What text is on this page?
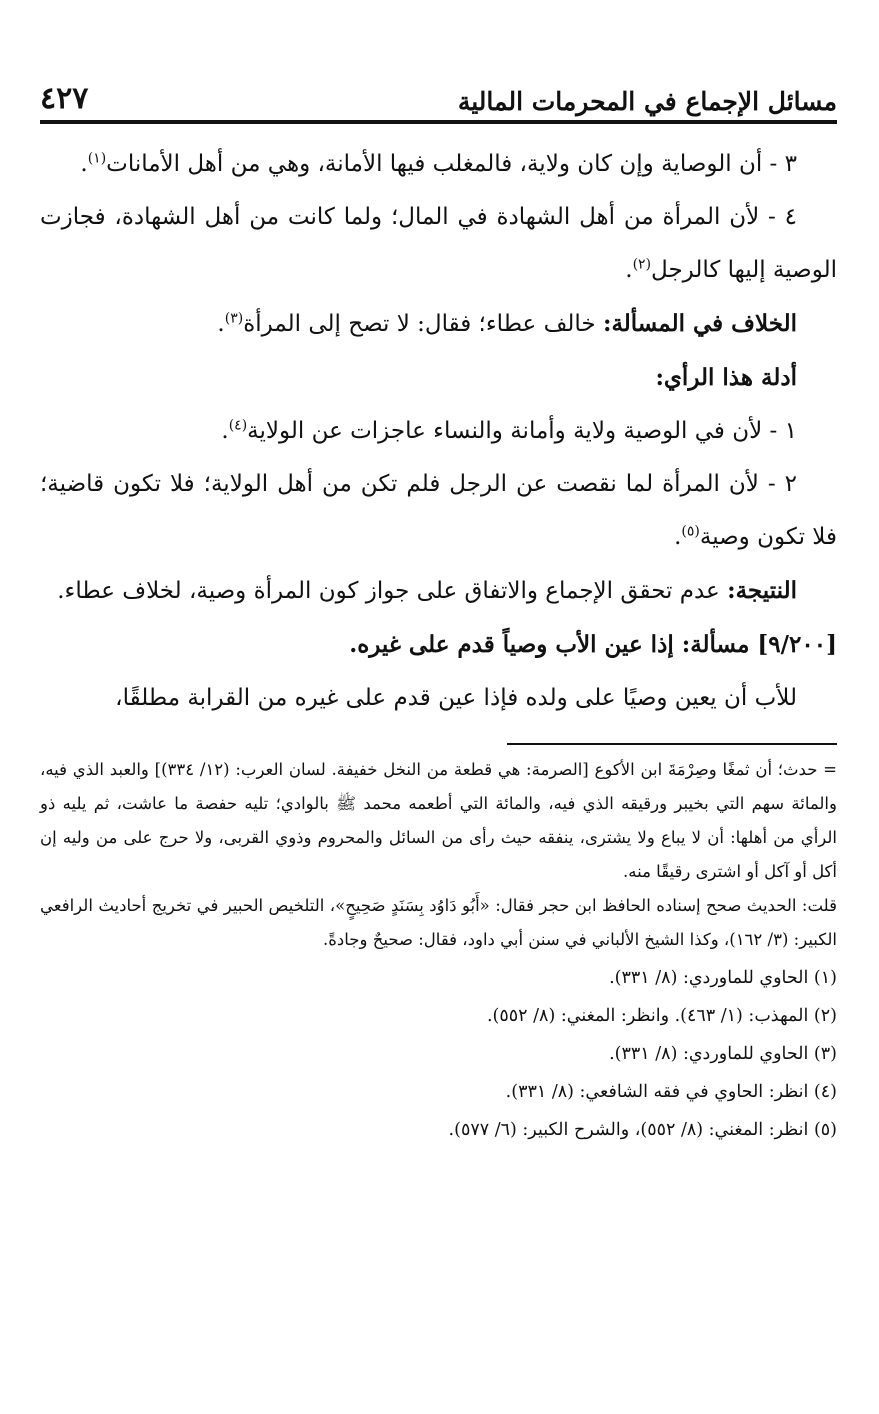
مسائل الإجماع في المحرمات المالية
٤٢٧

٣ - أن الوصاية وإن كان ولاية، فالمغلب فيها الأمانة، وهي من أهل الأمانات$^{(١)}$.

٤ - لأن المرأة من أهل الشهادة في المال؛ ولما كانت من أهل الشهادة، فجازت الوصية إليها كالرجل$^{(٢)}$.

الخلاف في المسألة: خالف عطاء؛ فقال: لا تصح إلى المرأة$^{(٣)}$.

أدلة هذا الرأي:

١ - لأن في الوصية ولاية وأمانة والنساء عاجزات عن الولاية$^{(٤)}$.

٢ - لأن المرأة لما نقصت عن الرجل فلم تكن من أهل الولاية؛ فلا تكون قاضية؛ فلا تكون وصية$^{(٥)}$.

النتيجة: عدم تحقق الإجماع والاتفاق على جواز كون المرأة وصية، لخلاف عطاء.

[٩/٢٠٠] مسألة: إذا عين الأب وصياً قدم على غيره.

للأب أن يعين وصيًا على ولده فإذا عين قدم على غيره من القرابة مطلقًا،

= حدث؛ أن ثمغًا وصِرْمَةَ ابن الأكوع [الصرمة: هي قطعة من النخل خفيفة. لسان العرب: (١٢/ ٣٣٤)] والعبد الذي فيه، والمائة سهم التي بخيبر ورقيقه الذي فيه، والمائة التي أطعمه محمد ﷺ بالوادي؛ تليه حفصة ما عاشت، ثم يليه ذو الرأي من أهلها: أن لا يباع ولا يشترى، ينفقه حيث رأى من السائل والمحروم وذوي القربى، ولا حرج على من وليه إن أكل أو آكل أو اشترى رقيقًا منه.

قلت: الحديث صحح إسناده الحافظ ابن حجر فقال: «أَبُو دَاوُد بِسَنَدٍ صَحِيحٍ»، التلخيص الحبير في تخريج أحاديث الرافعي الكبير: (٣/ ١٦٢)، وكذا الشيخ الألباني في سنن أبي داود، فقال: صحيحٌ وجادةً.

(١) الحاوي للماوردي: (٨/ ٣٣١).

(٢) المهذب: (١/ ٤٦٣). وانظر: المغني: (٨/ ٥٥٢).

(٣) الحاوي للماوردي: (٨/ ٣٣١).

(٤) انظر: الحاوي في فقه الشافعي: (٨/ ٣٣١).

(٥) انظر: المغني: (٨/ ٥٥٢)، والشرح الكبير: (٦/ ٥٧٧).
